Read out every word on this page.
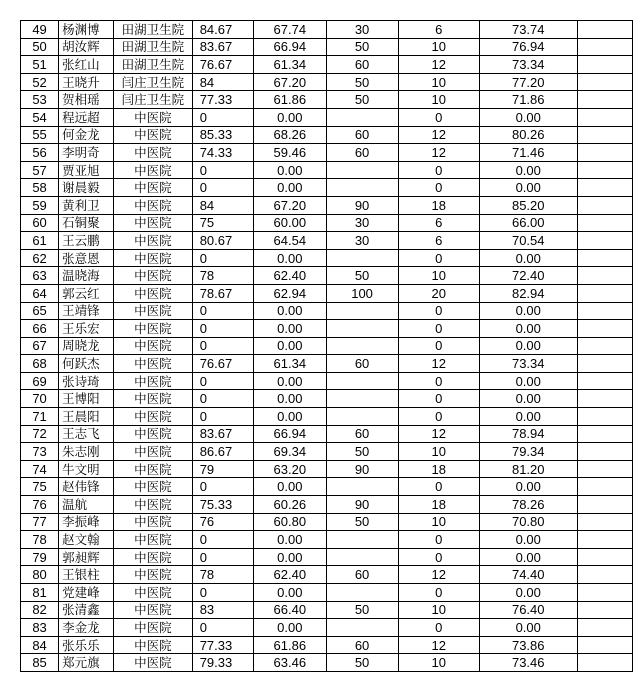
49	杨渊博	田湖卫生院	84.67	67.74	30	6	73.74	
50	胡汝辉	田湖卫生院	83.67	66.94	50	10	76.94	
51	张红山	田湖卫生院	76.67	61.34	60	12	73.34	
52	王晓升	闫庄卫生院	84	67.20	50	10	77.20	
53	贺相瑶	闫庄卫生院	77.33	61.86	50	10	71.86	
54	程远超	中医院	0	0.00		0	0.00	
55	何金龙	中医院	85.33	68.26	60	12	80.26	
56	李明奇	中医院	74.33	59.46	60	12	71.46	
57	贾亚旭	中医院	0	0.00		0	0.00	
58	谢晨毅	中医院	0	0.00		0	0.00	
59	黄利卫	中医院	84	67.20	90	18	85.20	
60	石铜聚	中医院	75	60.00	30	6	66.00	
61	王云鹏	中医院	80.67	64.54	30	6	70.54	
62	张意恩	中医院	0	0.00		0	0.00	
63	温晓海	中医院	78	62.40	50	10	72.40	
64	郭云红	中医院	78.67	62.94	100	20	82.94	
65	王靖锋	中医院	0	0.00		0	0.00	
66	王乐宏	中医院	0	0.00		0	0.00	
67	周晓龙	中医院	0	0.00		0	0.00	
68	何跃杰	中医院	76.67	61.34	60	12	73.34	
69	张诗琦	中医院	0	0.00		0	0.00	
70	王博阳	中医院	0	0.00		0	0.00	
71	王晨阳	中医院	0	0.00		0	0.00	
72	王志飞	中医院	83.67	66.94	60	12	78.94	
73	朱志刚	中医院	86.67	69.34	50	10	79.34	
74	牛文明	中医院	79	63.20	90	18	81.20	
75	赵伟锋	中医院	0	0.00		0	0.00	
76	温航	中医院	75.33	60.26	90	18	78.26	
77	李振峰	中医院	76	60.80	50	10	70.80	
78	赵文翰	中医院	0	0.00		0	0.00	
79	郭昶辉	中医院	0	0.00		0	0.00	
80	王银柱	中医院	78	62.40	60	12	74.40	
81	党建峰	中医院	0	0.00		0	0.00	
82	张清鑫	中医院	83	66.40	50	10	76.40	
83	李金龙	中医院	0	0.00		0	0.00	
84	张乐乐	中医院	77.33	61.86	60	12	73.86	
85	郑元旗	中医院	79.33	63.46	50	10	73.46	
